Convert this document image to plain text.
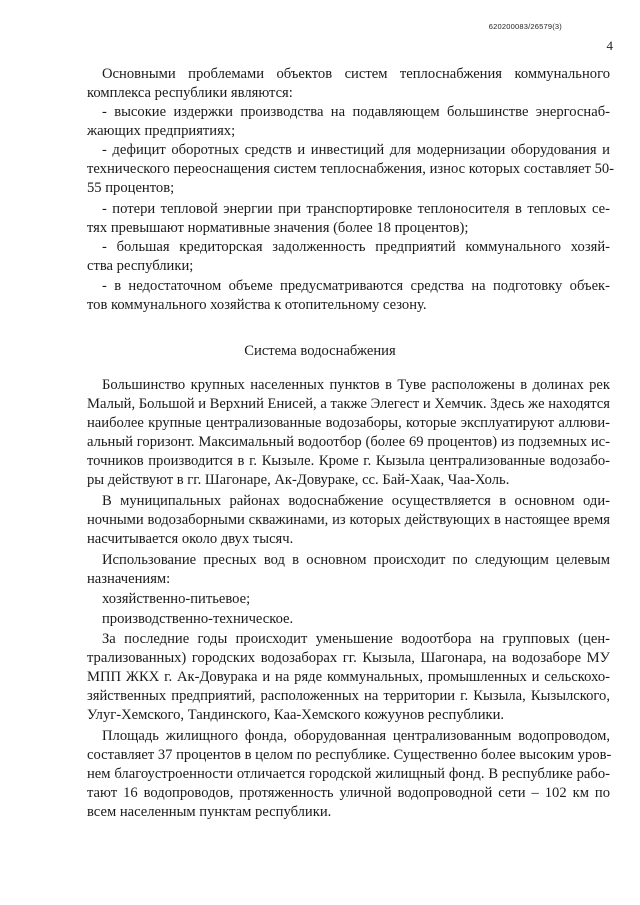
620200083/26579(3)
4

Основными проблемами объектов систем теплоснабжения коммунального

комплекса республики являются:

- высокие издержки производства на подавляющем большинстве энергоснаб-

жающих предприятиях;

- дефицит оборотных средств и инвестиций для модернизации оборудования и

технического переоснащения систем теплоснабжения, износ которых составляет 50-

55 процентов;

- потери тепловой энергии при транспортировке теплоносителя в тепловых се-

тях превышают нормативные значения (более 18 процентов);

- большая кредиторская задолженность предприятий коммунального хозяй-

ства республики;

- в недостаточном объеме предусматриваются средства на подготовку объек-

тов коммунального хозяйства к отопительному сезону.

Система водоснабжения

Большинство крупных населенных пунктов в Туве расположены в долинах рек

Малый, Большой и Верхний Енисей, а также Элегест и Хемчик. Здесь же находятся

наиболее крупные централизованные водозаборы, которые эксплуатируют аллюви-

альный горизонт. Максимальный водоотбор (более 69 процентов) из подземных ис-

точников производится в г. Кызыле. Кроме г. Кызыла централизованные водозабо-

ры действуют в гг. Шагонаре, Ак-Довураке, сс. Бай-Хаак, Чаа-Холь.

В муниципальных районах водоснабжение осуществляется в основном оди-

ночными водозаборными скважинами, из которых действующих в настоящее время

насчитывается около двух тысяч.

Использование пресных вод в основном происходит по следующим целевым

назначениям:

хозяйственно-питьевое;

производственно-техническое.

За последние годы происходит уменьшение водоотбора на групповых (цен-

трализованных) городских водозаборах гг. Кызыла, Шагонара, на водозаборе МУ

МПП ЖКХ г. Ак-Довурака и на ряде коммунальных, промышленных и сельскохо-

зяйственных предприятий, расположенных на территории г. Кызыла, Кызылского,

Улуг-Хемского, Тандинского, Каа-Хемского кожуунов республики.

Площадь жилищного фонда, оборудованная централизованным водопроводом,

составляет 37 процентов в целом по республике. Существенно более высоким уров-

нем благоустроенности отличается городской жилищный фонд. В республике рабо-

тают 16 водопроводов, протяженность уличной водопроводной сети – 102 км по

всем населенным пунктам республики.
